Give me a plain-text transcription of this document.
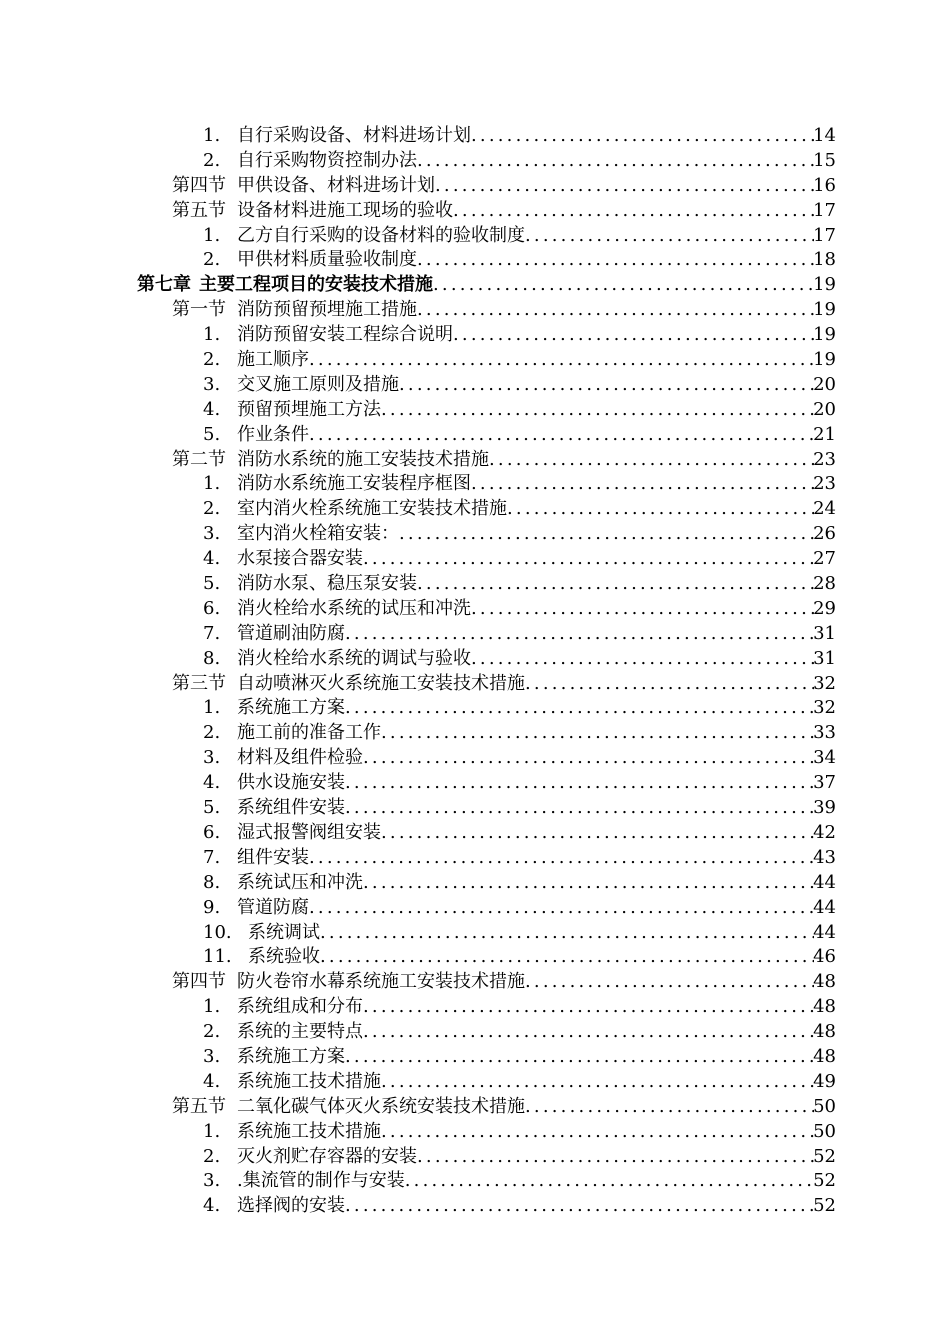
1. 自行采购设备、材料进场计划 .....	14
2. 自行采购物资控制办法 .....	15
第四节 甲供设备、材料进场计划 .....	16
第五节 设备材料进施工现场的验收 .....	17
1. 乙方自行采购的设备材料的验收制度 .....	17
2. 甲供材料质量验收制度 .....	18
第七章 主要工程项目的安装技术措施 .....	19
第一节 消防预留预埋施工措施 .....	19
1. 消防预留安装工程综合说明 .....	19
2. 施工顺序 .....	19
3. 交叉施工原则及措施 .....	20
4. 预留预埋施工方法 .....	20
5. 作业条件 .....	21
第二节 消防水系统的施工安装技术措施 .....	23
1. 消防水系统施工安装程序框图 .....	23
2. 室内消火栓系统施工安装技术措施 .....	24
3. 室内消火栓箱安装： .....	26
4. 水泵接合器安装 .....	27
5. 消防水泵、稳压泵安装 .....	28
6. 消火栓给水系统的试压和冲洗 .....	29
7. 管道刷油防腐 .....	31
8. 消火栓给水系统的调试与验收 .....	31
第三节 自动喷淋灭火系统施工安装技术措施 .....	32
1. 系统施工方案 .....	32
2. 施工前的准备工作 .....	33
3. 材料及组件检验 .....	34
4. 供水设施安装 .....	37
5. 系统组件安装 .....	39
6. 湿式报警阀组安装 .....	42
7. 组件安装 .....	43
8. 系统试压和冲洗 .....	44
9. 管道防腐 .....	44
10. 系统调试 .....	44
11. 系统验收 .....	46
第四节 防火卷帘水幕系统施工安装技术措施 .....	48
1. 系统组成和分布 .....	48
2. 系统的主要特点 .....	48
3. 系统施工方案 .....	48
4. 系统施工技术措施 .....	49
第五节 二氧化碳气体灭火系统安装技术措施 .....	50
1. 系统施工技术措施 .....	50
2. 灭火剂贮存容器的安装 .....	52
3. .集流管的制作与安装 .....	52
4. 选择阀的安装 .....	52
